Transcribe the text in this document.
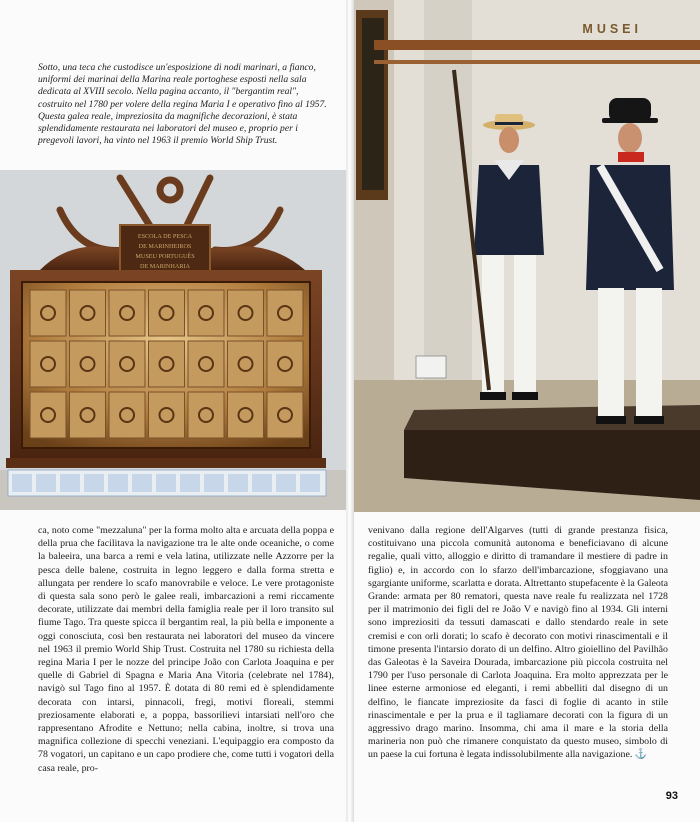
Sotto, una teca che custodisce un'esposizione di nodi marinari, a fianco, uniformi dei marinai della Marina reale portoghese esposti nella sala dedicata al XVIII secolo. Nella pagina accanto, il "bergantim real", costruito nel 1780 per volere della regina Maria I e operativo fino al 1957. Questa galea reale, impreziosita da magnifiche decorazioni, è stata splendidamente restaurata nei laboratori del museo e, proprio per i pregevoli lavori, ha vinto nel 1963 il premio World Ship Trust.

ESCOLA DE PESCA
DE MARINHEIROS
MUSEU PORTUGUÊS
DE MARINHARIA

ca, noto come "mezzaluna" per la forma molto alta e arcuata della poppa e della prua che facilitava la navigazione tra le alte onde oceaniche, o come la baleeira, una barca a remi e vela latina, utilizzate nelle Azzorre per la pesca delle balene, costruita in legno leggero e dalla forma stretta e allungata per rendere lo scafo manovrabile e veloce. Le vere protagoniste di questa sala sono però le galee reali, imbarcazioni a remi riccamente decorate, utilizzate dai membri della famiglia reale per il loro transito sul fiume Tago. Tra queste spicca il bergantim real, la più bella e imponente a oggi conosciuta, così ben restaurata nei laboratori del museo da vincere nel 1963 il premio World Ship Trust. Costruita nel 1780 su richiesta della regina Maria I per le nozze del principe João con Carlota Joaquina e per quelle di Gabriel di Spagna e Maria Ana Vitoria (celebrate nel 1784), navigò sul Tago fino al 1957. È dotata di 80 remi ed è splendidamente decorata con intarsi, pinnacoli, fregi, motivi floreali, stemmi preziosamente elaborati e, a poppa, bassorilievi intarsiati nell'oro che rappresentano Afrodite e Nettuno; nella cabina, inoltre, si trova una magnifica collezione di specchi veneziani. L'equipaggio era composto da 78 vogatori, un capitano e un capo prodiere che, come tutti i vogatori della casa reale, pro-

MUSEI

venivano dalla regione dell'Algarves (tutti di grande prestanza fisica, costituivano una piccola comunità autonoma e beneficiavano di alcune regalie, quali vitto, alloggio e diritto di tramandare il mestiere di padre in figlio) e, in accordo con lo sfarzo dell'imbarcazione, sfoggiavano una sgargiante uniforme, scarlatta e dorata. Altrettanto stupefacente è la Galeota Grande: armata per 80 rematori, questa nave reale fu realizzata nel 1728 per il matrimonio dei figli del re João V e navigò fino al 1934. Gli interni sono impreziositi da tessuti damascati e dallo stendardo reale in sete cremisi e con orli dorati; lo scafo è decorato con motivi rinascimentali e il timone presenta l'intarsio dorato di un delfino. Altro gioiellino del Pavilhão das Galeotas è la Saveira Dourada, imbarcazione più piccola costruita nel 1790 per l'uso personale di Carlota Joaquina. Era molto apprezzata per le linee esterne armoniose ed eleganti, i remi abbelliti dal disegno di un delfino, le fiancate impreziosite da fasci di foglie di acanto in stile rinascimentale e per la prua e il tagliamare decorati con la figura di un aggressivo drago marino. Insomma, chi ama il mare e la storia della marineria non può che rimanere conquistato da questo museo, simbolo di un paese la cui fortuna è legata indissolubilmente alla navigazione. ⚓

93
